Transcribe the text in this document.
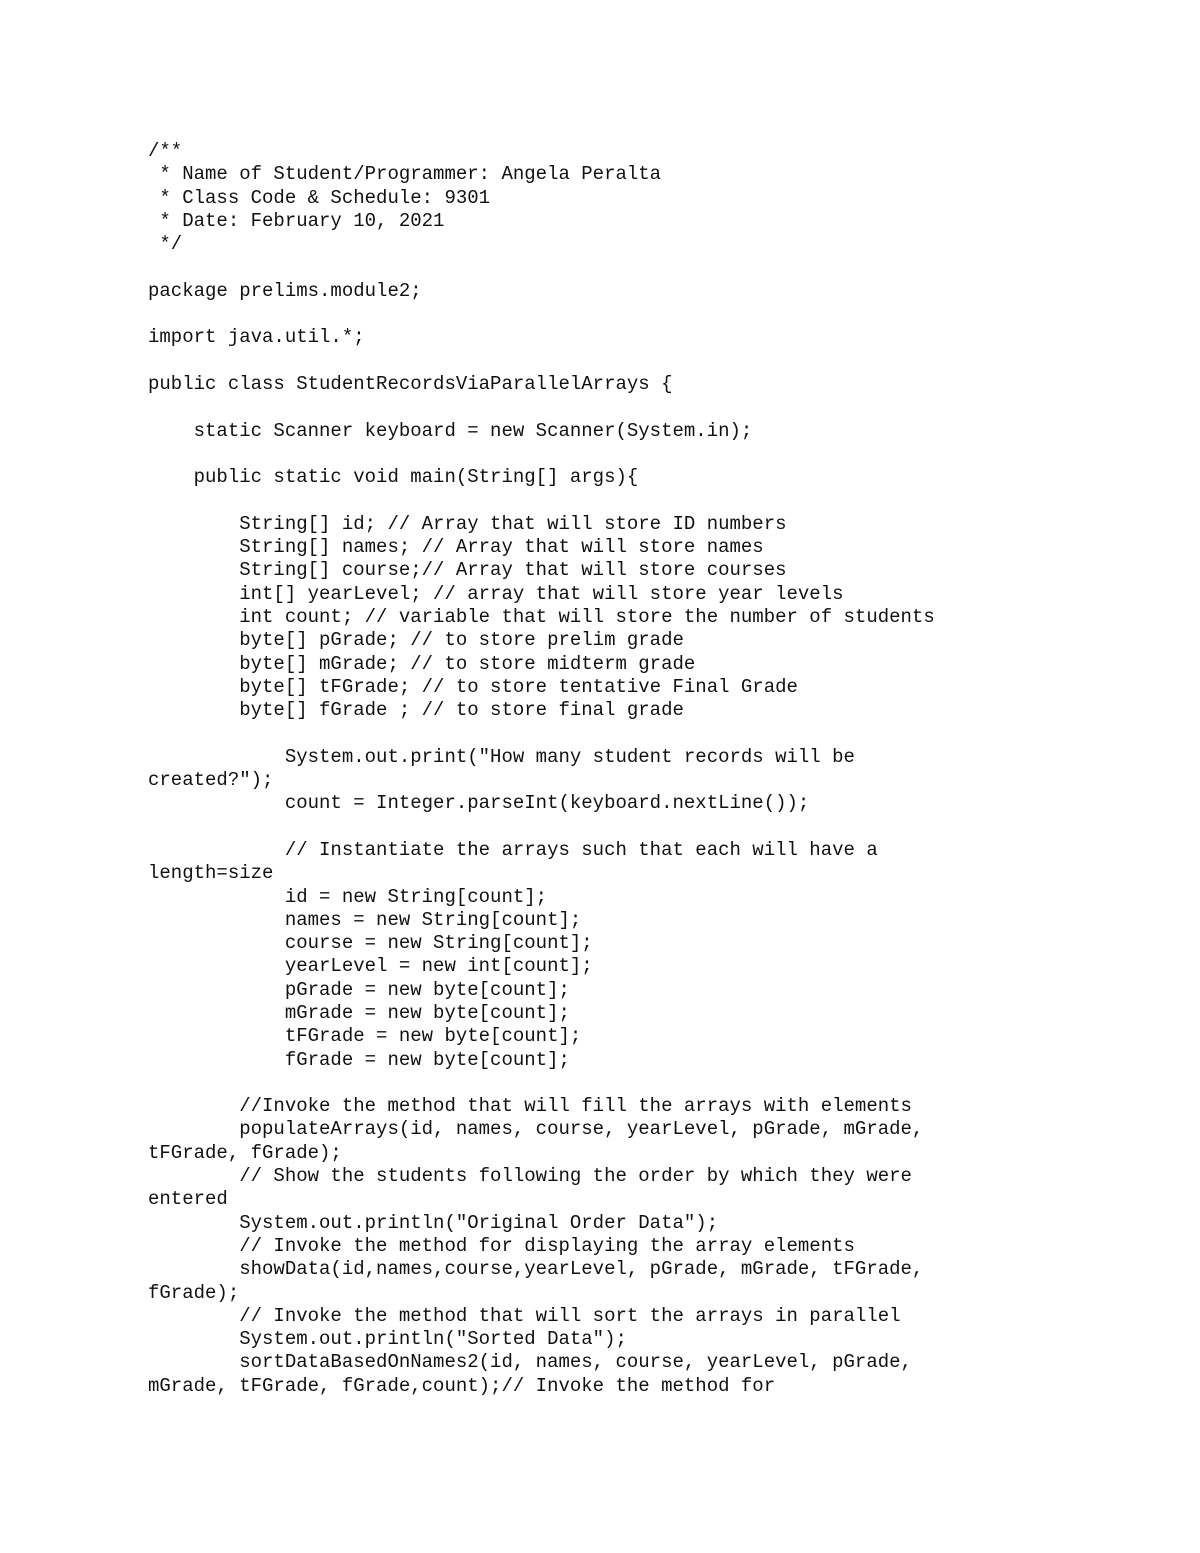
/**
* Name of Student/Programmer: Angela Peralta
* Class Code & Schedule: 9301
* Date: February 10, 2021
*/
package prelims.module2;
import java.util.*;
public class StudentRecordsViaParallelArrays {
static Scanner keyboard = new Scanner(System.in);
public static void main(String[] args){
String[] id; // Array that will store ID numbers
String[] names; // Array that will store names
String[] course;// Array that will store courses
int[] yearLevel; // array that will store year levels
int count; // variable that will store the number of students
byte[] pGrade; // to store prelim grade
byte[] mGrade; // to store midterm grade
byte[] tFGrade; // to store tentative Final Grade
byte[] fGrade ; // to store final grade
System.out.print("How many student records will be
created?");
count = Integer.parseInt(keyboard.nextLine());
// Instantiate the arrays such that each will have a
length=size
id = new String[count];
names = new String[count];
course = new String[count];
yearLevel = new int[count];
pGrade = new byte[count];
mGrade = new byte[count];
tFGrade = new byte[count];
fGrade = new byte[count];
//Invoke the method that will fill the arrays with elements
populateArrays(id, names, course, yearLevel, pGrade, mGrade,
tFGrade, fGrade);
// Show the students following the order by which they were
entered
System.out.println("Original Order Data");
// Invoke the method for displaying the array elements
showData(id,names,course,yearLevel, pGrade, mGrade, tFGrade,
fGrade);
// Invoke the method that will sort the arrays in parallel
System.out.println("Sorted Data");
sortDataBasedOnNames2(id, names, course, yearLevel, pGrade,
mGrade, tFGrade, fGrade,count);// Invoke the method for
